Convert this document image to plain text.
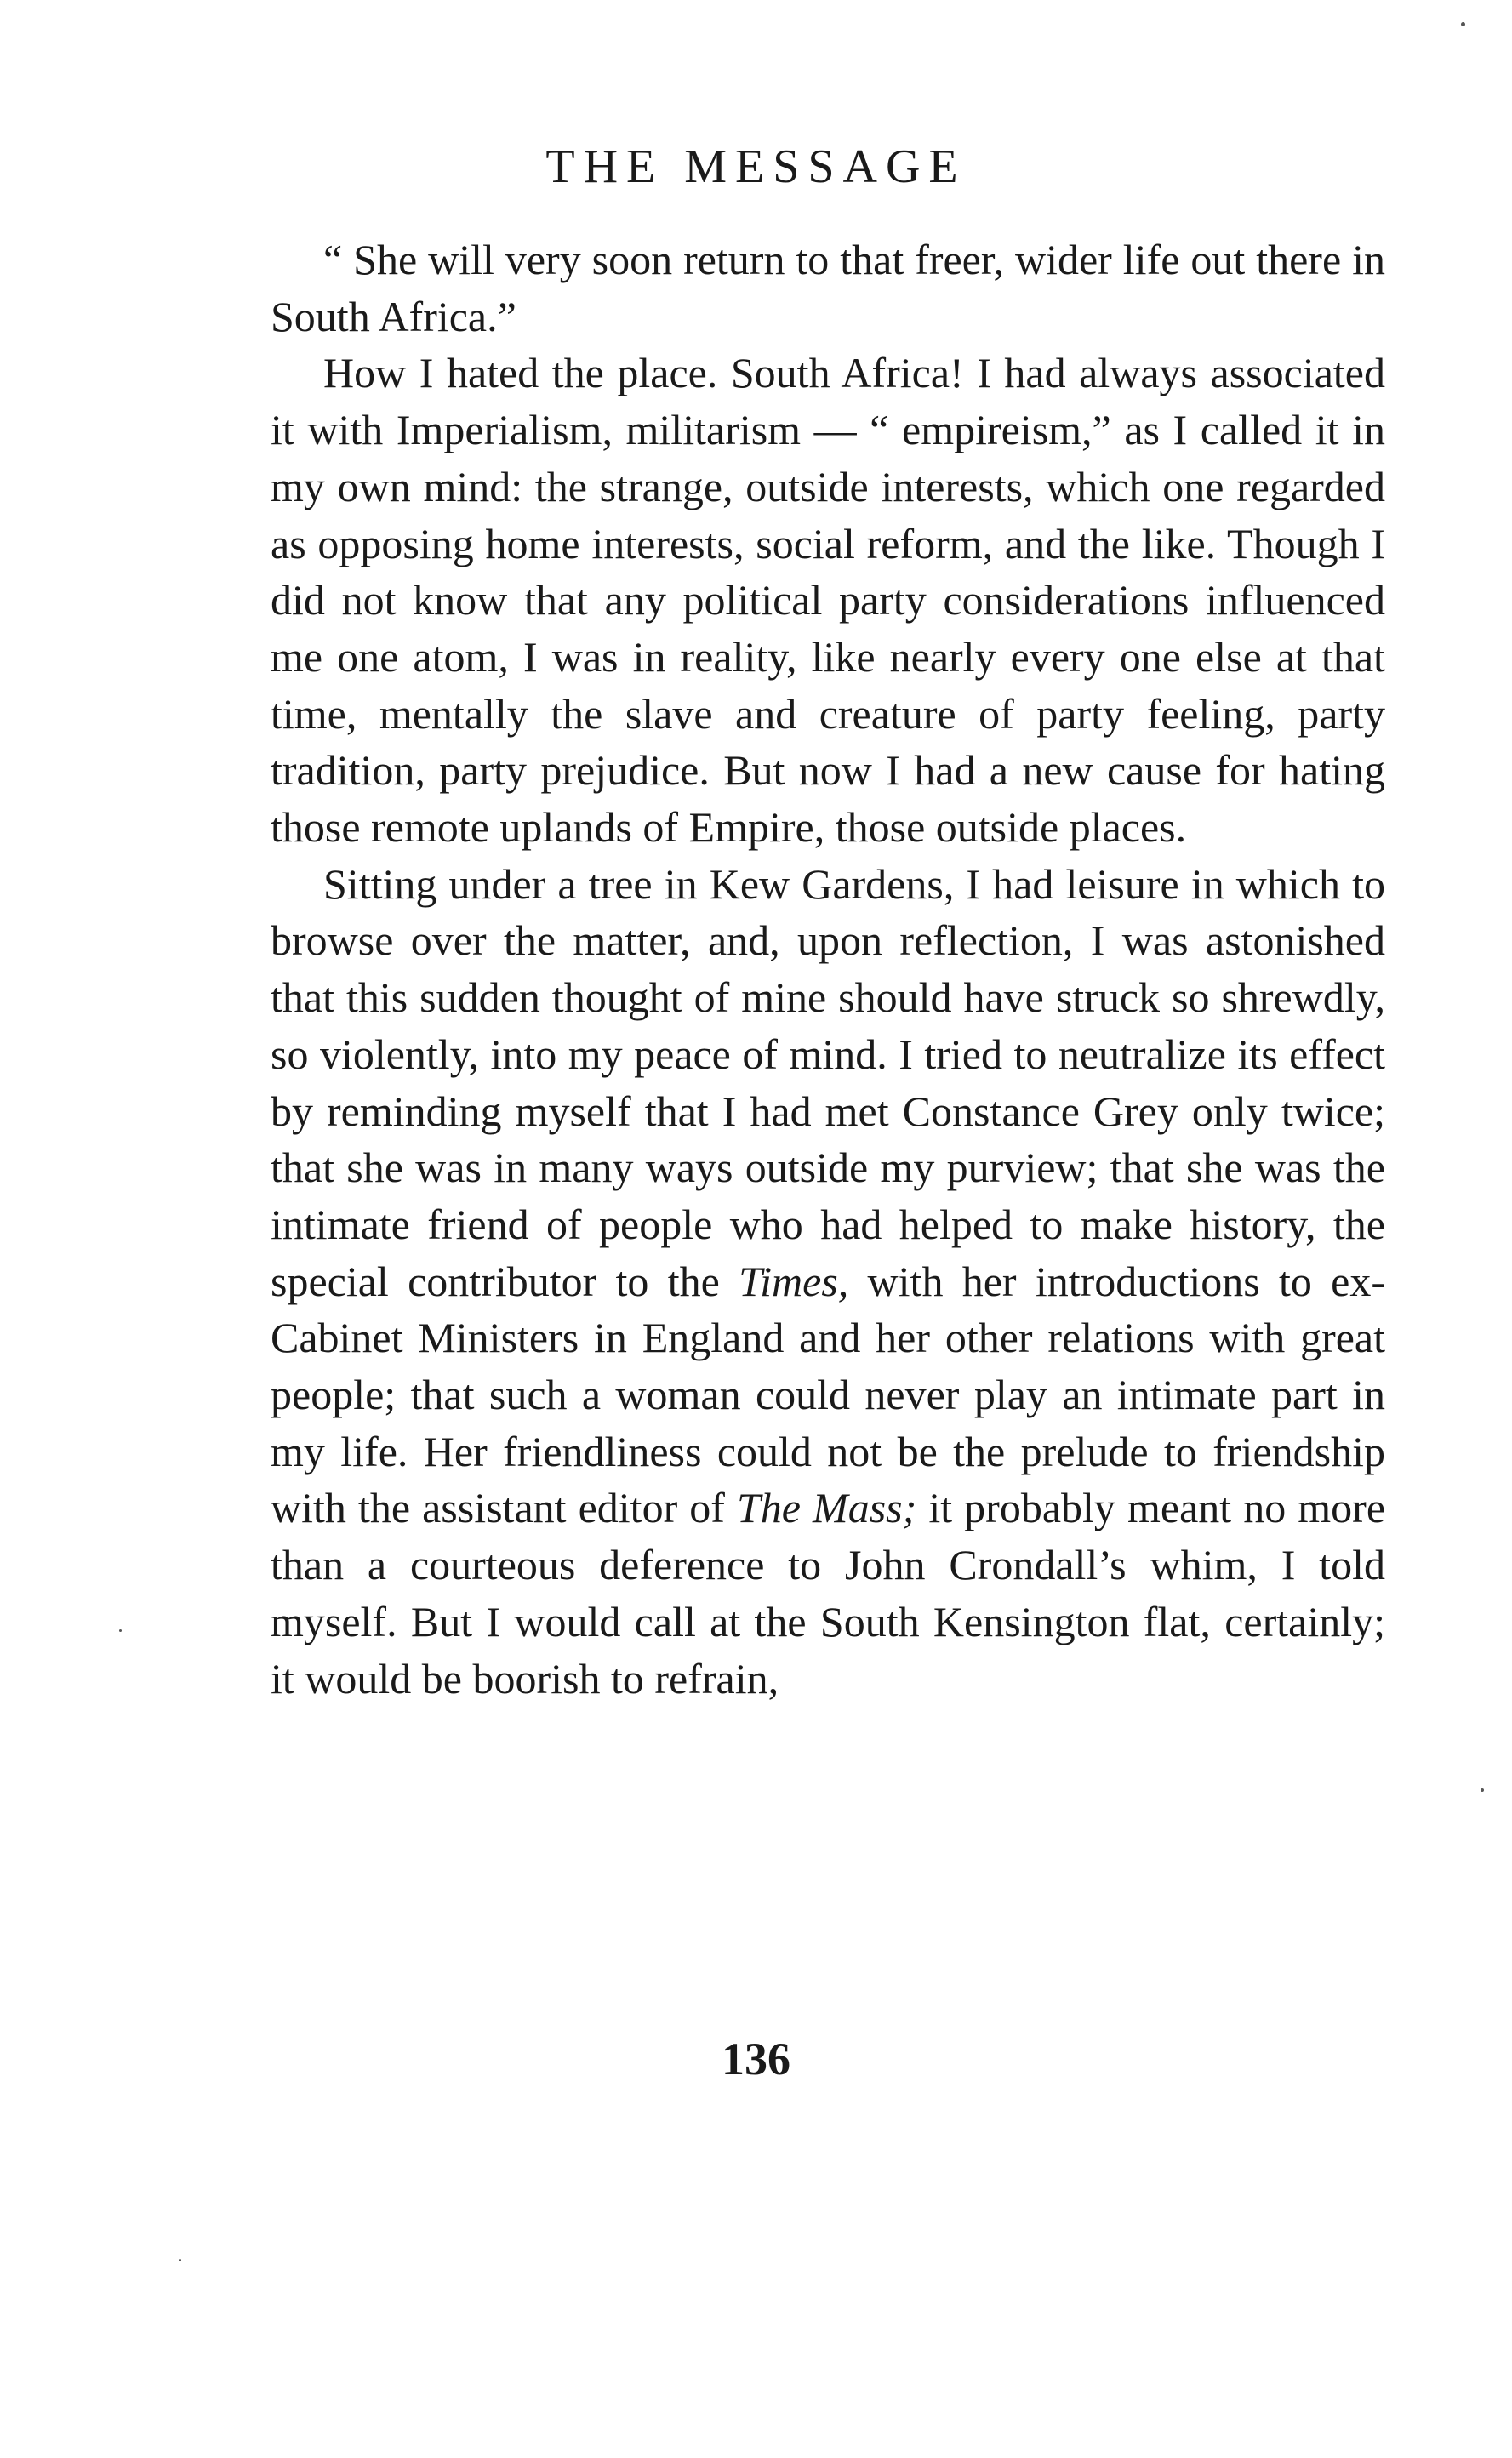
THE MESSAGE

“ She will very soon return to that freer, wider life out there in South Africa.”

How I hated the place. South Africa! I had always associated it with Imperialism, militarism — “ empireism,” as I called it in my own mind: the strange, outside interests, which one regarded as opposing home interests, social reform, and the like. Though I did not know that any political party considerations influenced me one atom, I was in reality, like nearly every one else at that time, mentally the slave and creature of party feeling, party tradition, party prejudice. But now I had a new cause for hating those remote uplands of Empire, those outside places.

Sitting under a tree in Kew Gardens, I had leisure in which to browse over the matter, and, upon reflection, I was astonished that this sudden thought of mine should have struck so shrewdly, so violently, into my peace of mind. I tried to neutralize its effect by reminding myself that I had met Constance Grey only twice; that she was in many ways outside my purview; that she was the intimate friend of people who had helped to make history, the special contributor to the Times, with her introductions to ex-Cabinet Ministers in England and her other relations with great people; that such a woman could never play an intimate part in my life. Her friendliness could not be the prelude to friendship with the assistant editor of The Mass; it probably meant no more than a courteous deference to John Crondall’s whim, I told myself. But I would call at the South Kensington flat, certainly; it would be boorish to refrain,

136
